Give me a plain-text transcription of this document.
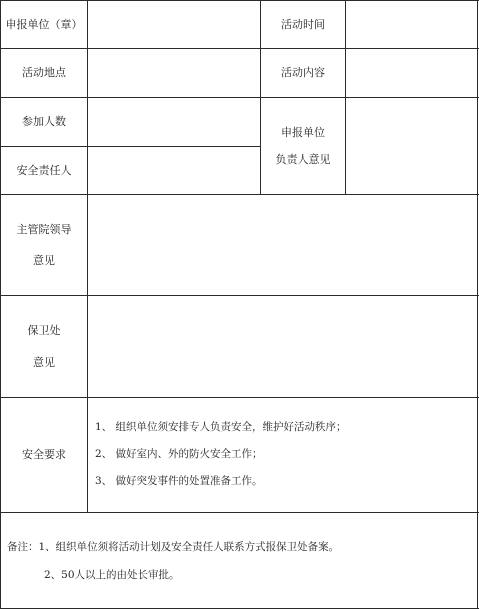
申报单位（章）	活动时间
活动地点	活动内容
参加人数
安全责任人
申报单位
负责人意见
主管院领导
意见
保卫处
意见
安全要求
1、 组织单位须安排专人负责安全，维护好活动秩序；
2、 做好室内、外的防火安全工作；
3、 做好突发事件的处置准备工作。
备注：1、组织单位须将活动计划及安全责任人联系方式报保卫处备案。
2、50人以上的由处长审批。
